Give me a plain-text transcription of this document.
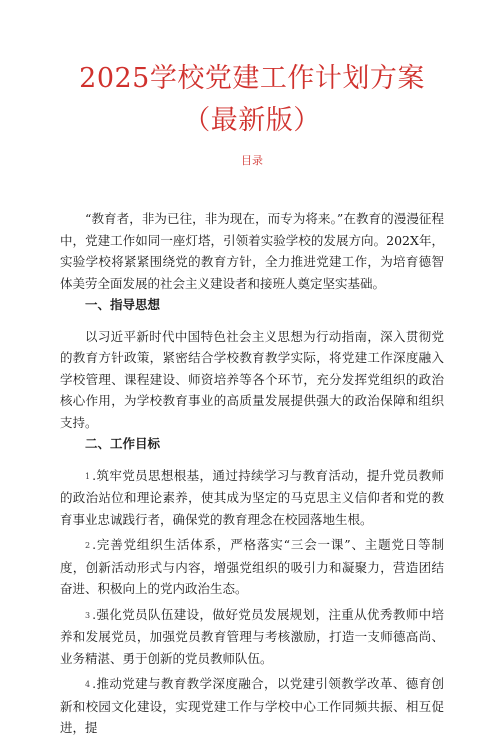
2025学校党建工作计划方案
（最新版）
目录

“教育者，非为已往，非为现在，而专为将来。”在教育的漫漫征程中，党建工作如同一座灯塔，引领着实验学校的发展方向。202X年，实验学校将紧紧围绕党的教育方针，全力推进党建工作，为培育德智体美劳全面发展的社会主义建设者和接班人奠定坚实基础。

一、指导思想

以习近平新时代中国特色社会主义思想为行动指南，深入贯彻党的教育方针政策，紧密结合学校教育教学实际，将党建工作深度融入学校管理、课程建设、师资培养等各个环节，充分发挥党组织的政治核心作用，为学校教育事业的高质量发展提供强大的政治保障和组织支持。

二、工作目标

1 .筑牢党员思想根基，通过持续学习与教育活动，提升党员教师的政治站位和理论素养，使其成为坚定的马克思主义信仰者和党的教育事业忠诚践行者，确保党的教育理念在校园落地生根。

2 .完善党组织生活体系，严格落实“三会一课”、主题党日等制度，创新活动形式与内容，增强党组织的吸引力和凝聚力，营造团结奋进、积极向上的党内政治生态。

3 .强化党员队伍建设，做好党员发展规划，注重从优秀教师中培养和发展党员，加强党员教育管理与考核激励，打造一支师德高尚、业务精湛、勇于创新的党员教师队伍。

4 .推动党建与教育教学深度融合，以党建引领教学改革、德育创新和校园文化建设，实现党建工作与学校中心工作同频共振、相互促进，提
